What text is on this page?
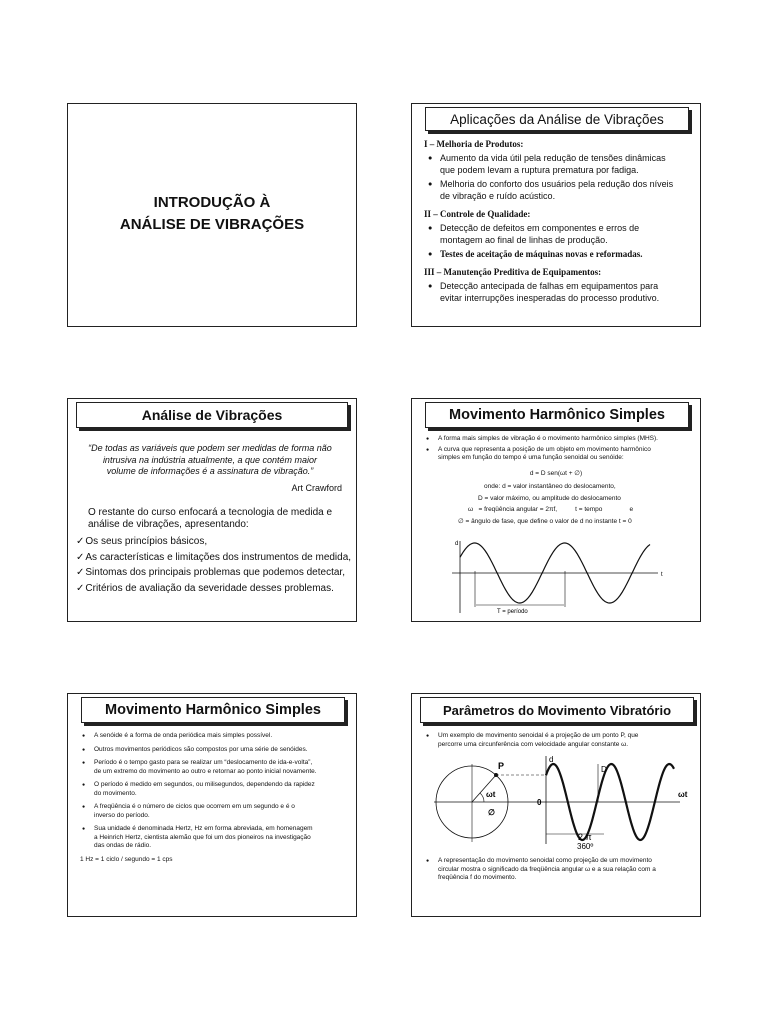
INTRODUÇÃO À
ANÁLISE DE VIBRAÇÕES
Aplicações da Análise de Vibrações
I – Melhoria de Produtos:
● Aumento da vida útil pela redução de tensões dinâmicas
que podem levam a ruptura prematura por fadiga.
● Melhoria do conforto dos usuários pela redução dos níveis
de vibração e ruído acústico.
II – Controle de Qualidade:
● Detecção de defeitos em componentes e erros de
montagem ao final de linhas de produção.
● Testes de aceitação de máquinas novas e reformadas.
III – Manutenção Preditiva de Equipamentos:
● Detecção antecipada de falhas em equipamentos para
evitar interrupções inesperadas do processo produtivo.
Análise de Vibrações
“De todas as variáveis que podem ser medidas de forma não
intrusiva na indústria atualmente, a que contém maior
volume de informações é a assinatura de vibração.”
Art Crawford
O restante do curso enfocará a tecnologia de medida e
análise de vibrações, apresentando:
✓ Os seus princípios básicos,
✓ As características e limitações dos instrumentos de medida,
✓ Sintomas dos principais problemas que podemos detectar,
✓ Critérios de avaliação da severidade desses problemas.
Movimento Harmônico Simples
● A forma mais simples de vibração é o movimento harmônico simples (MHS).
● A curva que representa a posição de um objeto em movimento harmônico
simples em função do tempo é uma função senoidal ou senóide:
d = D sen(ωt + ∅)
onde: d = valor instantâneo do deslocamento,
D = valor máximo, ou amplitude do deslocamento
ω   = freqüência angular = 2πf,          t = tempo               e
∅ = ângulo de fase, que define o valor de d no instante t = 0
d
t
T = período
Movimento Harmônico Simples
● A senóide é a forma de onda periódica mais simples possível.
● Outros movimentos periódicos são compostos por uma série de senóides.
● Período é o tempo gasto para se realizar um “deslocamento de ida-e-volta”,
de um extremo do movimento ao outro e retornar ao ponto inicial novamente.
● O período é medido em segundos, ou milisegundos, dependendo da rapidez
do movimento.
● A freqüência é o número de ciclos que ocorrem em um segundo e é o
inverso do período.
● Sua unidade é denominada Hertz, Hz em forma abreviada, em homenagem
a Heinrich Hertz, cientista alemão que foi um dos pioneiros na investigação
das ondas de rádio.
1 Hz = 1 ciclo / segundo = 1 cps
Parâmetros do Movimento Vibratório
● Um exemplo de movimento senoidal é a projeção de um ponto P, que
percorre uma circunferência com velocidade angular constante ω.
P
d
D
ωt
∅
0
ωt
2 π
360º
● A representação do movimento senoidal como projeção de um movimento
circular mostra o significado da freqüência angular ω e a sua relação com a
freqüência f do movimento.
